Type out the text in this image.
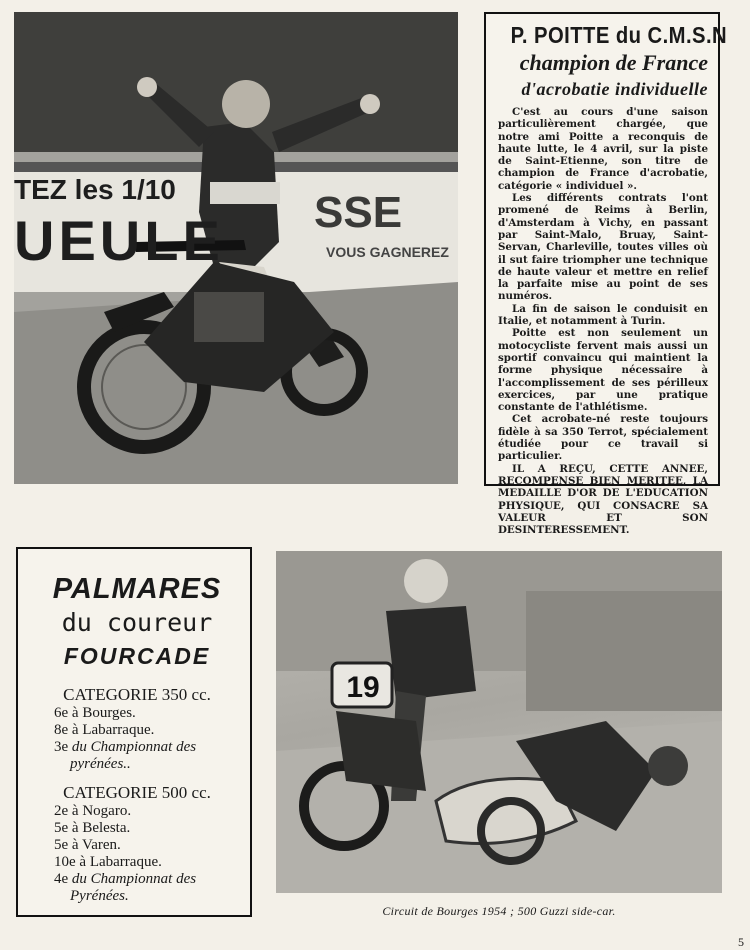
TEZ les 1/10
UEULE SSE
VOUS GAGNEREZ
P. POITTE du C.M.S.N
champion de France
d'acrobatie individuelle

C'est au cours d'une saison particulièrement chargée, que notre ami Poitte a reconquis de haute lutte, le 4 avril, sur la piste de Saint-Etienne, son titre de champion de France d'acrobatie, catégorie « individuel ».

Les différents contrats l'ont promené de Reims à Berlin, d'Amsterdam à Vichy, en passant par Saint-Malo, Bruay, Saint-Servan, Charleville, toutes villes où il sut faire triompher une technique de haute valeur et mettre en relief la parfaite mise au point de ses numéros.

La fin de saison le conduisit en Italie, et notamment à Turin.

Poitte est non seulement un motocycliste fervent mais aussi un sportif convaincu qui maintient la forme physique nécessaire à l'accomplissement de ses périlleux exercices, par une pratique constante de l'athlétisme.

Cet acrobate-né reste toujours fidèle à sa 350 Terrot, spécialement étudiée pour ce travail si particulier.

IL A REÇU, CETTE ANNEE, RECOMPENSE BIEN MERITEE, LA MEDAILLE D'OR DE L'EDUCATION PHYSIQUE, QUI CONSACRE SA VALEUR ET SON DESINTERESSEMENT.

PALMARES
du coureur
FOURCADE
CATEGORIE 350 cc.
6e à Bourges.
8e à Labarraque.
3e du Championnat des pyrénées..
CATEGORIE 500 cc.
2e à Nogaro.
5e à Belesta.
5e à Varen.
10e à Labarraque.
4e du Championnat des Pyrénées.
19
Circuit de Bourges 1954 ; 500 Guzzi side-car.
5
